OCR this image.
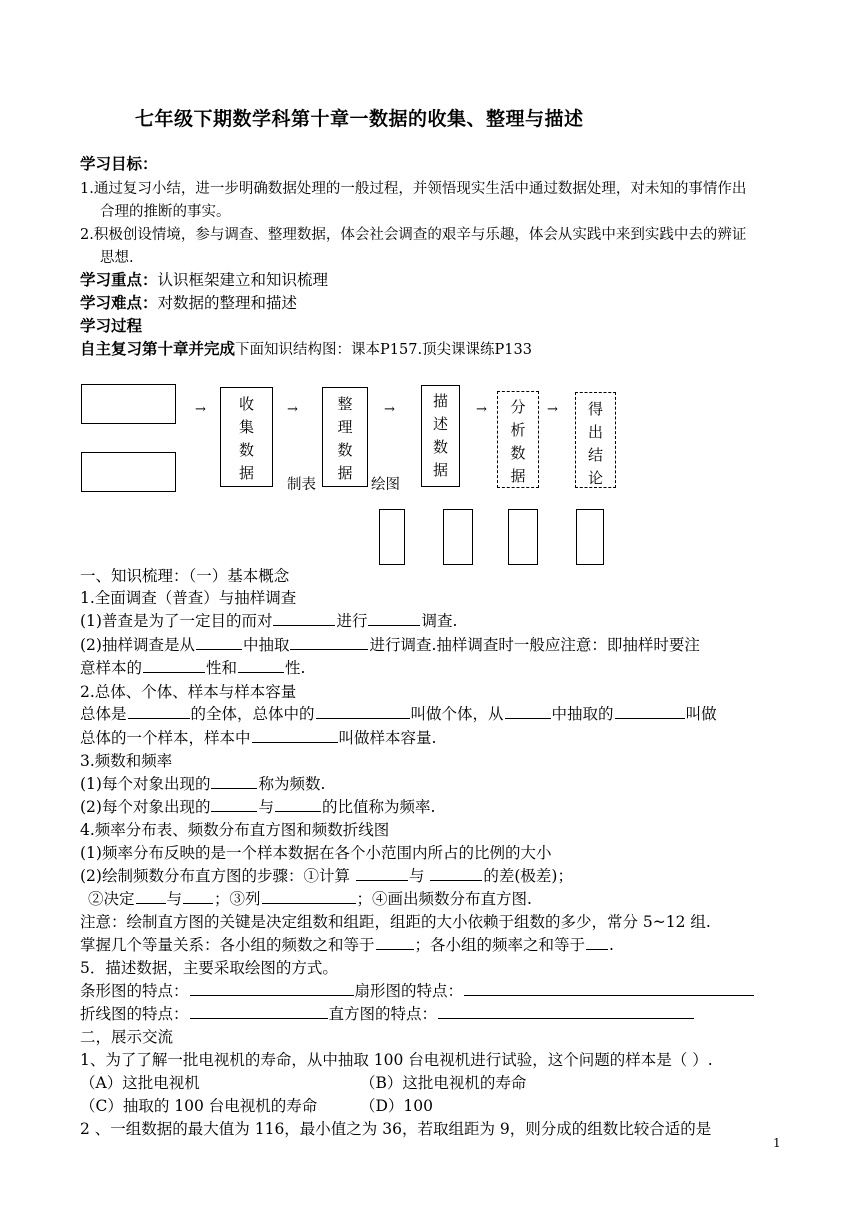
七年级下期数学科第十章一数据的收集、整理与描述
学习目标：
1.通过复习小结，进一步明确数据处理的一般过程，并领悟现实生活中通过数据处理，对未知的事情作出
合理的推断的事实。
2.积极创设情境，参与调查、整理数据，体会社会调查的艰辛与乐趣，体会从实践中来到实践中去的辨证
思想.
学习重点：认识框架建立和知识梳理
学习难点：对数据的整理和描述
学习过程
自主复习第十章并完成下面知识结构图：课本P157.顶尖课课练P133
→	收
集
数
据
→	整
理
数
据
→	描
述
数
据
→	分
析
数
据
→	得
出
结
论
制表	绘图
一、知识梳理：（一）基本概念
1.全面调查（普查）与抽样调查
(1)普查是为了一定目的而对	进行	调查.
(2)抽样调查是从	中抽取	进行调查.抽样调查时一般应注意：即抽样时要注
意样本的	性和	性.
2.总体、个体、样本与样本容量
总体是	的全体，总体中的	叫做个体，从	中抽取的	叫做
总体的一个样本，样本中	叫做样本容量.
3.频数和频率
(1)每个对象出现的	称为频数.
(2)每个对象出现的	与	的比值称为频率.
4.频率分布表、频数分布直方图和频数折线图
(1)频率分布反映的是一个样本数据在各个小范围内所占的比例的大小
(2)绘制频数分布直方图的步骤：①计算	与	的差(极差)；
②决定 与 ；③列	；④画出频数分布直方图.
注意：绘制直方图的关键是决定组数和组距，组距的大小依赖于组数的多少，常分 5~12 组.
掌握几个等量关系：各小组的频数之和等于	；各小组的频率之和等于 .
5．描述数据，主要采取绘图的方式。
条形图的特点：	扇形图的特点：
折线图的特点：	直方图的特点：
二，展示交流
1、为了了解一批电视机的寿命，从中抽取 100 台电视机进行试验，这个问题的样本是（ ）.
（A）这批电视机	（B）这批电视机的寿命
（C）抽取的 100 台电视机的寿命	（D）100
2 、一组数据的最大值为 116，最小值之为 36，若取组距为 9，则分成的组数比较合适的是
1
